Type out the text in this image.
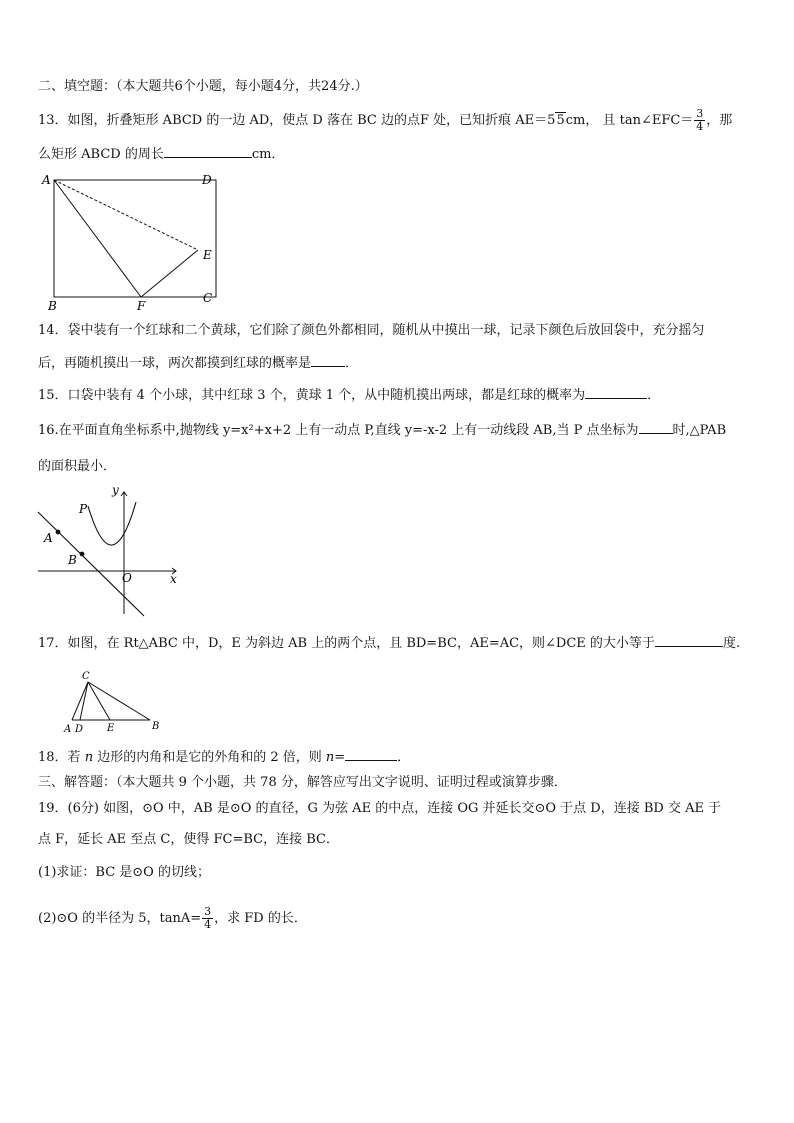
二、填空题：（本大题共6个小题，每小题4分，共24分.）
13．如图，折叠矩形 ABCD 的一边 AD，使点 D 落在 BC 边的点F 处，已知折痕 AE＝55cm， 且 tan∠EFC＝ $\frac{3}{4}$ ，那
么矩形 ABCD 的周长	cm．
A	D
E
B	F
C
14．袋中装有一个红球和二个黄球，它们除了颜色外都相同，随机从中摸出一球，记录下颜色后放回袋中，充分摇匀
后，再随机摸出一球，两次都摸到红球的概率是	．
15．口袋中装有 4 个小球，其中红球 3 个，黄球 1 个，从中随机摸出两球，都是红球的概率为	．
16.在平面直角坐标系中,抛物线 y=x²+x+2 上有一动点 P,直线 y=-x-2 上有一动线段 AB,当 P 点坐标为	时,△PAB
的面积最小．
y
P
A
B
O	x
17．如图，在 Rt△ABC 中，D，E 为斜边 AB 上的两个点，且 BD=BC，AE=AC，则∠DCE 的大小等于	度.
C
A D E	B
18．若 n 边形的内角和是它的外角和的 2 倍，则 n=	．
三、解答题：（本大题共 9 个小题，共 78 分，解答应写出文字说明、证明过程或演算步骤．
19．(6分) 如图，⊙O 中，AB 是⊙O 的直径，G 为弦 AE 的中点，连接 OG 并延长交⊙O 于点 D，连接 BD 交 AE 于
点 F，延长 AE 至点 C，使得 FC=BC，连接 BC．
(1)求证：BC 是⊙O 的切线；
(2)⊙O 的半径为 5，$\tan A= \frac{3}{4}$ ，求 FD 的长．
